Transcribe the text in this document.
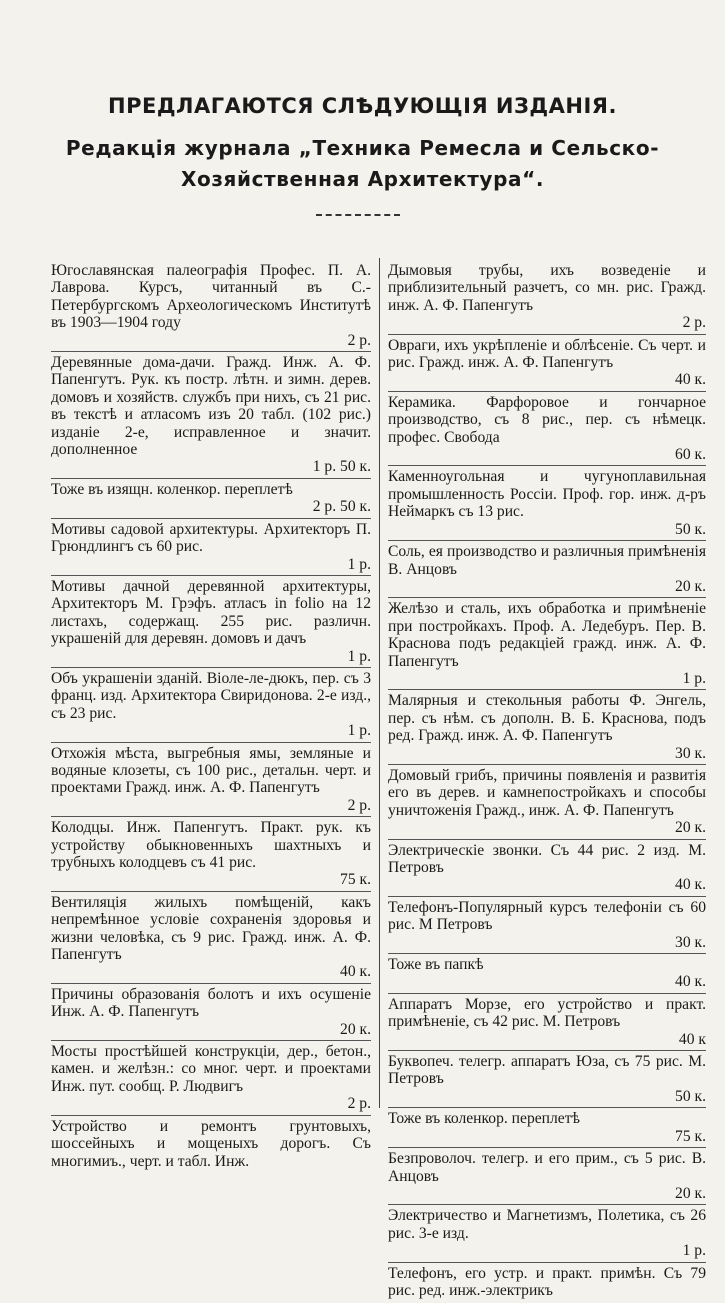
ПРЕДЛАГАЮТСЯ СЛѢДУЮЩІЯ ИЗДАНІЯ.
Редакція журнала „Техника Ремесла и Сельско-
Хозяйственная Архитектура“.
Югославянская палеографія Профес. П. А. Лаврова. Курсъ, читанный въ С.-Петербургскомъ Археологическомъ Институтѣ въ 1903—1904 году
2 р.
Деревянные дома-дачи. Гражд. Инж. А. Ф. Папенгутъ. Рук. къ постр. лѣтн. и зимн. дерев. домовъ и хозяйств. службъ при нихъ, съ 21 рис. въ текстѣ и атласомъ изъ 20 табл. (102 рис.) изданіе 2-е, исправленное и значит. дополненное
1 р. 50 к.
Тоже въ изящн. коленкор. переплетѣ
2 р. 50 к.
Мотивы садовой архитектуры. Архитекторъ П. Грюндлингъ съ 60 рис.
1 р.
Мотивы дачной деревянной архитектуры, Архитекторъ М. Грэфъ. атласъ in folio на 12 листахъ, содержащ. 255 рис. различн. украшеній для деревян. домовъ и дачъ
1 р.
Объ украшеніи зданій. Віоле-ле-дюкъ, пер. съ 3 франц. изд. Архитектора Свиридонова. 2-е изд., съ 23 рис.
1 р.
Отхожія мѣста, выгребныя ямы, земляные и водяные клозеты, съ 100 рис., детальн. черт. и проектами Гражд. инж. А. Ф. Папенгутъ
2 р.
Колодцы. Инж. Папенгутъ. Практ. рук. къ устройству обыкновенныхъ шахтныхъ и трубныхъ колодцевъ съ 41 рис.
75 к.
Вентиляція жилыхъ помѣщеній, какъ непремѣнное условіе сохраненія здоровья и жизни человѣка, съ 9 рис. Гражд. инж. А. Ф. Папенгутъ
40 к.
Причины образованія болотъ и ихъ осушеніе Инж. А. Ф. Папенгутъ
20 к.
Мосты простѣйшей конструкціи, дер., бетон., камен. и желѣзн.: со мног. черт. и проектами Инж. пут. сообщ. Р. Людвигъ
2 р.
Устройство и ремонтъ грунтовыхъ, шоссейныхъ и мощеныхъ дорогъ. Съ многимиъ., черт. и табл. Инж.
Дымовыя трубы, ихъ возведеніе и приблизительный разчетъ, со мн. рис. Гражд. инж. А. Ф. Папенгутъ
2 р.
Овраги, ихъ укрѣпленіе и облѣсеніе. Съ черт. и рис. Гражд. инж. А. Ф. Папенгутъ
40 к.
Керамика. Фарфоровое и гончарное производство, съ 8 рис., пер. съ нѣмецк. профес. Свобода
60 к.
Каменноугольная и чугуноплавильная промышленность Россіи. Проф. гор. инж. д-ръ Неймаркъ съ 13 рис.
50 к.
Соль, ея производство и различныя примѣненія В. Анцовъ
20 к.
Желѣзо и сталь, ихъ обработка и примѣненіе при постройкахъ. Проф. А. Ледебуръ. Пер. В. Краснова подъ редакціей гражд. инж. А. Ф. Папенгутъ
1 р.
Малярныя и стекольныя работы Ф. Энгель, пер. съ нѣм. съ дополн. В. Б. Краснова, подъ ред. Гражд. инж. А. Ф. Папенгутъ
30 к.
Домовый грибъ, причины появленія и развитія его въ дерев. и камнепостройкахъ и способы уничтоженія Гражд., инж. А. Ф. Папенгутъ
20 к.
Электрическіе звонки. Съ 44 рис. 2 изд. М. Петровъ
40 к.
Телефонъ-Популярный курсъ телефоніи съ 60 рис. М Петровъ
30 к.
Тоже въ папкѣ
40 к.
Аппаратъ Морзе, его устройство и практ. примѣненіе, съ 42 рис. М. Петровъ
40 к
Буквопеч. телегр. аппаратъ Юза, съ 75 рис. М. Петровъ
50 к.
Тоже въ коленкор. переплетѣ
75 к.
Безпроволоч. телегр. и его прим., съ 5 рис. В. Анцовъ
20 к.
Электричество и Магнетизмъ, Полетика, съ 26 рис. 3-е изд.
1 р.
Телефонъ, его устр. и практ. примѣн. Съ 79 рис. ред. инж.-электрикъ
